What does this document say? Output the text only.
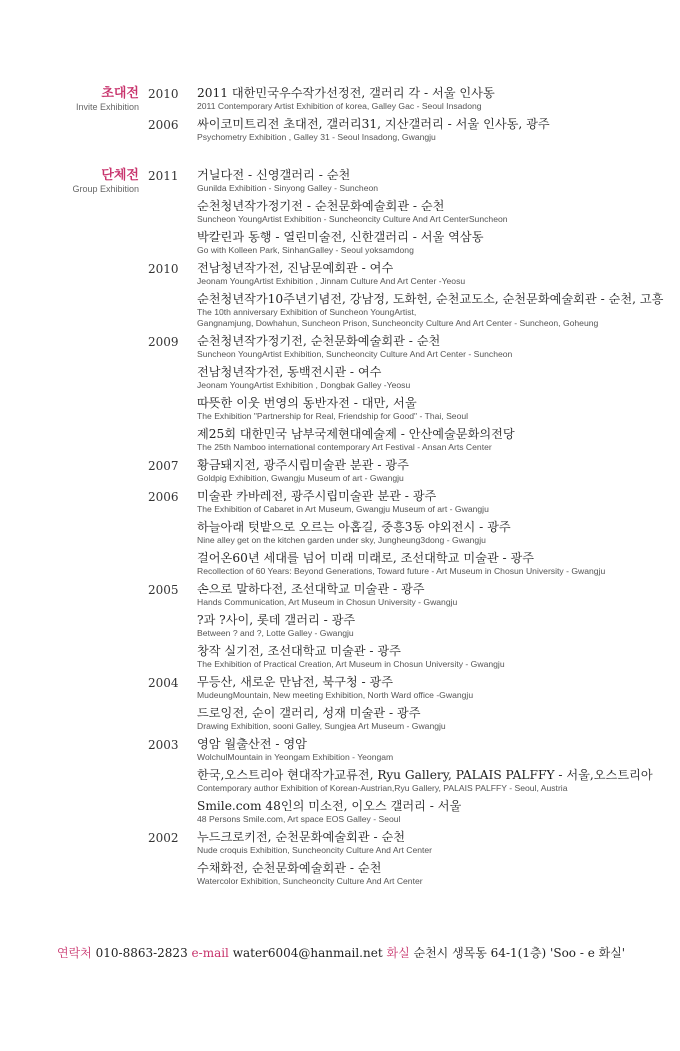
초대전
Invite Exhibition
2010 2011 대한민국우수작가선정전, 갤러리 각 - 서울 인사동
2011 Contemporary Artist Exhibition of korea, Galley Gac - Seoul Insadong
2006 싸이코미트리전 초대전, 갤러리31, 지산갤러리 - 서울 인사동, 광주
Psychometry Exhibition , Galley 31 - Seoul Insadong, Gwangju
단체전
Group Exhibition
2011 거닐다전 - 신영갤러리 - 순천
Gunilda Exhibition - Sinyong Galley - Suncheon
순천청년작가정기전 - 순천문화예술회관 - 순천
Suncheon YoungArtist Exhibition - Suncheoncity Culture And Art CenterSuncheon
박칼린과 동행 - 열린미술전, 신한갤러리 - 서울 역삼동
Go with Kolleen Park, SinhanGalley - Seoul yoksamdong
2010 전남청년작가전, 진남문예회관 - 여수
Jeonam YoungArtist Exhibition , Jinnam Culture And Art Center -Yeosu
순천청년작가10주년기념전, 강남정, 도화헌, 순천교도소, 순천문화예술회관 - 순천, 고흥
The 10th anniversary Exhibition of Suncheon YoungArtist,
Gangnamjung, Dowhahun, Suncheon Prison, Suncheoncity Culture And Art Center - Suncheon, Goheung
2009 순천청년작가정기전, 순천문화예술회관 - 순천
Suncheon YoungArtist Exhibition, Suncheoncity Culture And Art Center - Suncheon
전남청년작가전, 동백전시관 - 여수
Jeonam YoungArtist Exhibition , Dongbak Galley -Yeosu
따뜻한 이웃 번영의 동반자전 - 대만, 서울
The Exhibition "Partnership for Real, Friendship for Good" - Thai, Seoul
제25회 대한민국 남부국제현대예술제 - 안산예술문화의전당
The 25th Namboo international contemporary Art Festival - Ansan Arts Center
2007 황금돼지전, 광주시립미술관 분관 - 광주
Goldpig Exhibition, Gwangju Museum of art - Gwangju
2006 미술관 카바레전, 광주시립미술관 분관 - 광주
The Exhibition of Cabaret in Art Museum, Gwangju Museum of art - Gwangju
하늘아래 텃밭으로 오르는 아홉길, 중흥3동 야외전시 - 광주
Nine alley get on the kitchen garden under sky, Jungheung3dong - Gwangju
걸어온60년 세대를 넘어 미래 미래로, 조선대학교 미술관 - 광주
Recollection of 60 Years: Beyond Generations, Toward future - Art Museum in Chosun University - Gwangju
2005 손으로 말하다전, 조선대학교 미술관 - 광주
Hands Communication, Art Museum in Chosun University - Gwangju
?과 ?사이, 롯데 갤러리 - 광주
Between ? and ?, Lotte Galley - Gwangju
창작 실기전, 조선대학교 미술관 - 광주
The Exhibition of Practical Creation, Art Museum in Chosun University - Gwangju
2004 무등산, 새로운 만남전, 북구청 - 광주
MudeungMountain, New meeting Exhibition, North Ward office -Gwangju
드로잉전, 순이 갤러리, 성재 미술관 - 광주
Drawing Exhibition, sooni Galley, Sungjea Art Museum - Gwangju
2003 영암 월출산전 - 영암
WolchulMountain in Yeongam Exhibition - Yeongam
한국,오스트리아 현대작가교류전, Ryu Gallery, PALAIS PALFFY - 서울,오스트리아
Contemporary author Exhibition of Korean-Austrian,Ryu Gallery, PALAIS PALFFY - Seoul, Austria
Smile.com 48인의 미소전, 이오스 갤러리 - 서울
48 Persons Smile.com, Art space EOS Galley - Seoul
2002 누드크로키전, 순천문화예술회관 - 순천
Nude croquis Exhibition, Suncheoncity Culture And Art Center
수채화전, 순천문화예술회관 - 순천
Watercolor Exhibition, Suncheoncity Culture And Art Center
연락처 010-8863-2823 e-mail water6004@hanmail.net 화실 순천시 생목동 64-1(1층) 'Soo - e 화실'
